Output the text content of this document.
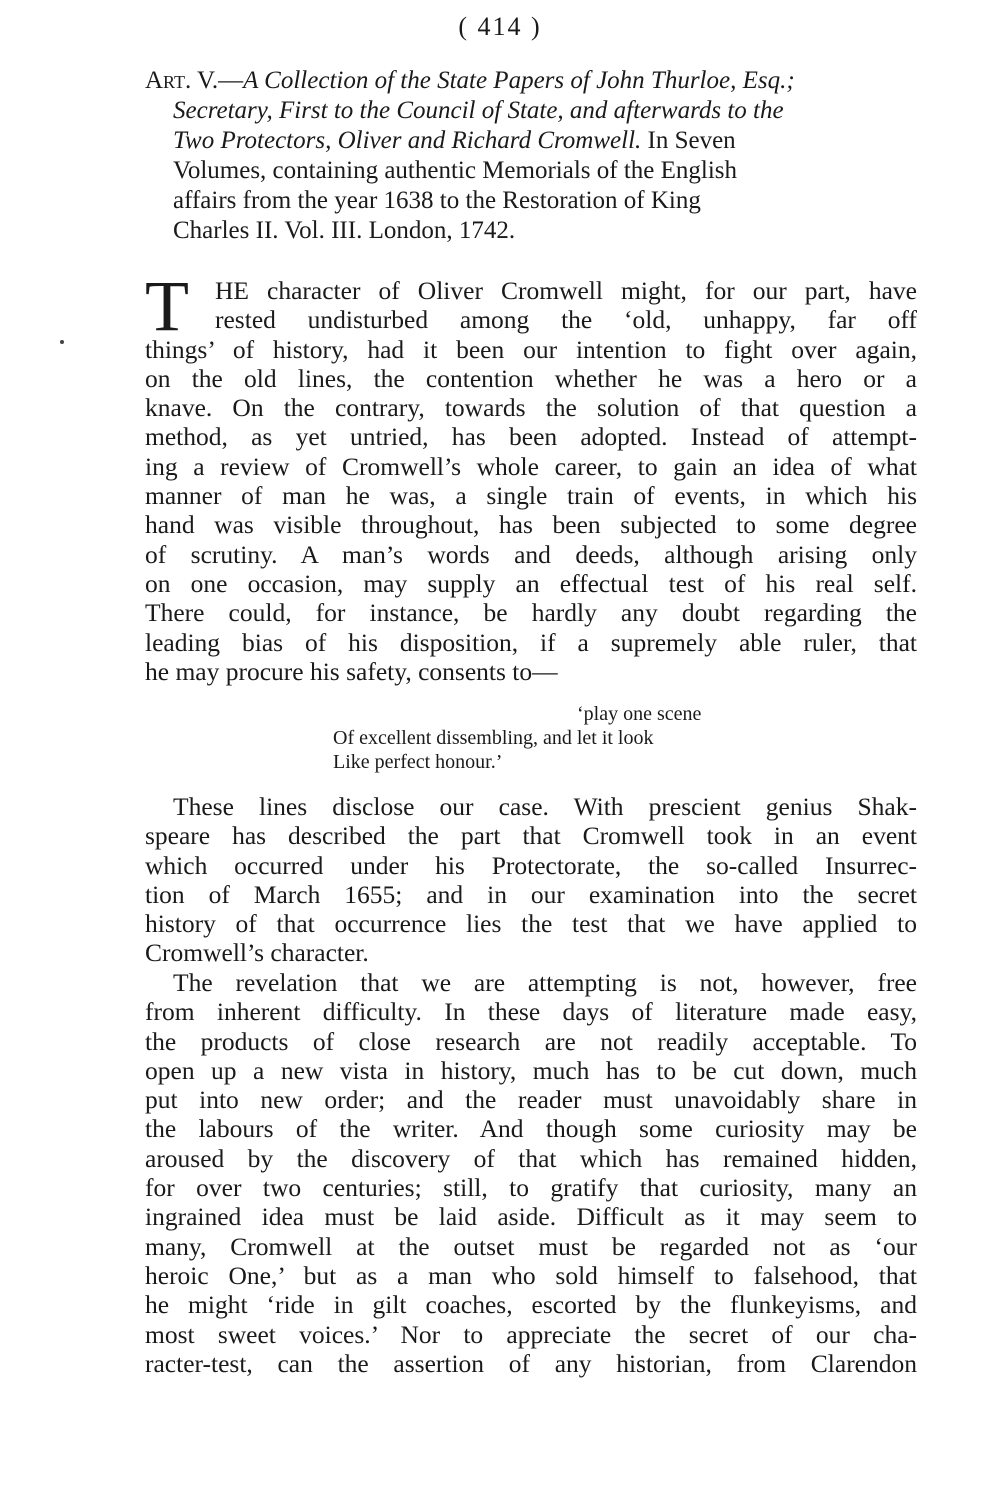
( 414 )
Art. V.—A Collection of the State Papers of John Thurloe, Esq.;
Secretary, First to the Council of State, and afterwards to the
Two Protectors, Oliver and Richard Cromwell. In Seven
Volumes, containing authentic Memorials of the English
affairs from the year 1638 to the Restoration of King
Charles II. Vol. III. London, 1742.
T	HE character of Oliver Cromwell might, for our part, have
rested undisturbed among the ‘old, unhappy, far off
things’ of history, had it been our intention to fight over again,
on the old lines, the contention whether he was a hero or a
knave. On the contrary, towards the solution of that question a
method, as yet untried, has been adopted. Instead of attempt-
ing a review of Cromwell’s whole career, to gain an idea of what
manner of man he was, a single train of events, in which his
hand was visible throughout, has been subjected to some degree
of scrutiny. A man’s words and deeds, although arising only
on one occasion, may supply an effectual test of his real self.
There could, for instance, be hardly any doubt regarding the
leading bias of his disposition, if a supremely able ruler, that
he may procure his safety, consents to—
‘play one scene
Of excellent dissembling, and let it look
Like perfect honour.’
These lines disclose our case. With prescient genius Shak-
speare has described the part that Cromwell took in an event
which occurred under his Protectorate, the so-called Insurrec-
tion of March 1655; and in our examination into the secret
history of that occurrence lies the test that we have applied to
Cromwell’s character.
The revelation that we are attempting is not, however, free
from inherent difficulty. In these days of literature made easy,
the products of close research are not readily acceptable. To
open up a new vista in history, much has to be cut down, much
put into new order; and the reader must unavoidably share in
the labours of the writer. And though some curiosity may be
aroused by the discovery of that which has remained hidden,
for over two centuries; still, to gratify that curiosity, many an
ingrained idea must be laid aside. Difficult as it may seem to
many, Cromwell at the outset must be regarded not as ‘our
heroic One,’ but as a man who sold himself to falsehood, that
he might ‘ride in gilt coaches, escorted by the flunkeyisms, and
most sweet voices.’ Nor to appreciate the secret of our cha-
racter-test, can the assertion of any historian, from Clarendon
